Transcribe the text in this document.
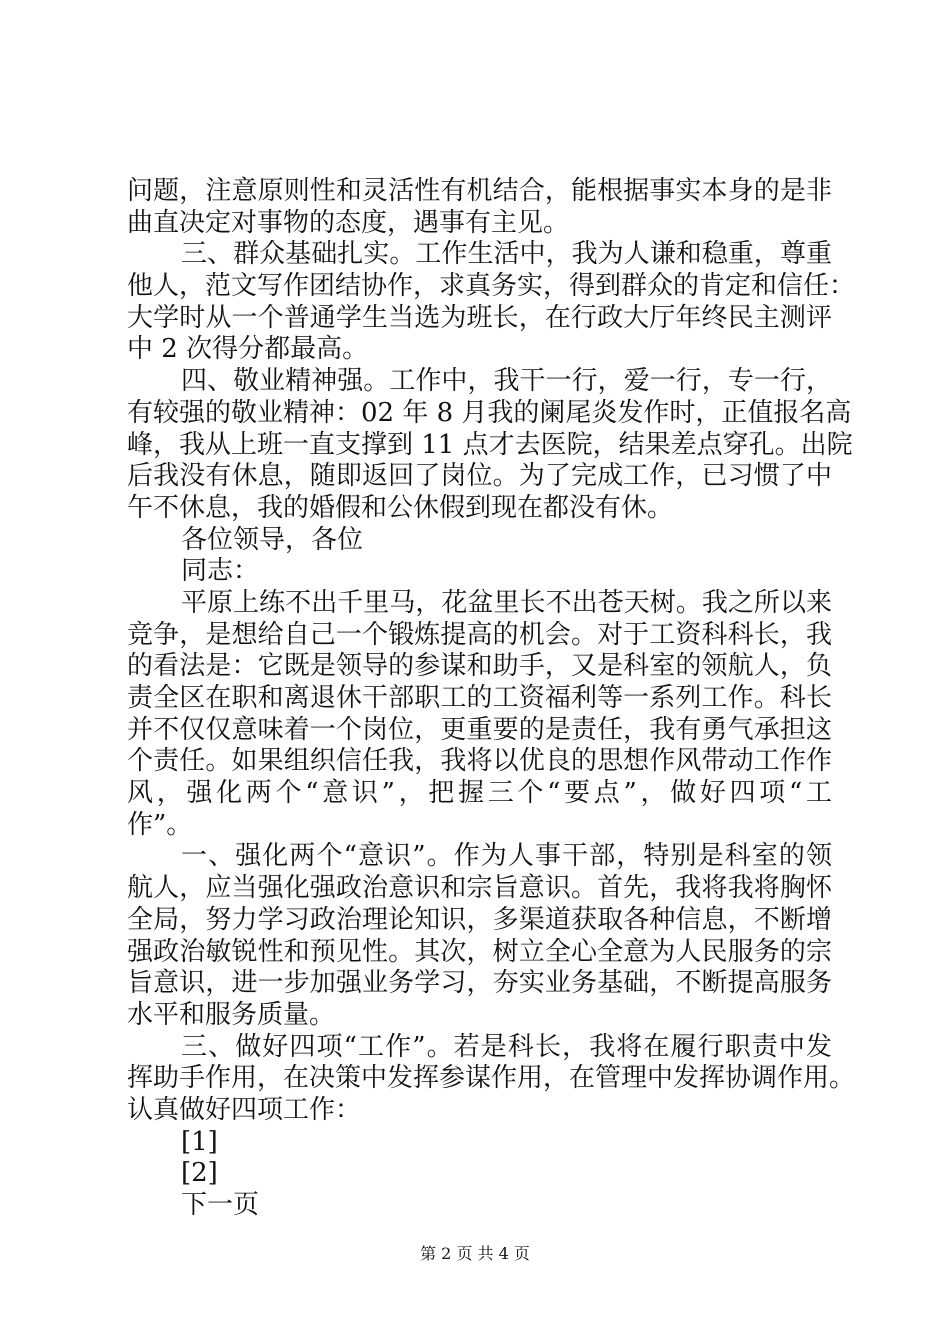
问题，注意原则性和灵活性有机结合，能根据事实本身的是非
曲直决定对事物的态度，遇事有主见。
三、群众基础扎实。工作生活中，我为人谦和稳重，尊重
他人，范文写作团结协作，求真务实，得到群众的肯定和信任：
大学时从一个普通学生当选为班长，在行政大厅年终民主测评
中 2 次得分都最高。
四、敬业精神强。工作中，我干一行，爱一行，专一行，
有较强的敬业精神：02 年 8 月我的阑尾炎发作时，正值报名高
峰，我从上班一直支撑到 11 点才去医院，结果差点穿孔。出院
后我没有休息，随即返回了岗位。为了完成工作，已习惯了中
午不休息，我的婚假和公休假到现在都没有休。
各位领导，各位
同志：
平原上练不出千里马，花盆里长不出苍天树。我之所以来
竞争，是想给自己一个锻炼提高的机会。对于工资科科长，我
的看法是：它既是领导的参谋和助手，又是科室的领航人，负
责全区在职和离退休干部职工的工资福利等一系列工作。科长
并不仅仅意味着一个岗位，更重要的是责任，我有勇气承担这
个责任。如果组织信任我，我将以优良的思想作风带动工作作
风，强化两个“意识”，把握三个“要点”，做好四项“工
作”。
一、强化两个“意识”。作为人事干部，特别是科室的领
航人，应当强化强政治意识和宗旨意识。首先，我将我将胸怀
全局，努力学习政治理论知识，多渠道获取各种信息，不断增
强政治敏锐性和预见性。其次，树立全心全意为人民服务的宗
旨意识，进一步加强业务学习，夯实业务基础，不断提高服务
水平和服务质量。
三、做好四项“工作”。若是科长，我将在履行职责中发
挥助手作用，在决策中发挥参谋作用，在管理中发挥协调作用。
认真做好四项工作：
[1]
[2]
下一页
第 2 页 共 4 页
